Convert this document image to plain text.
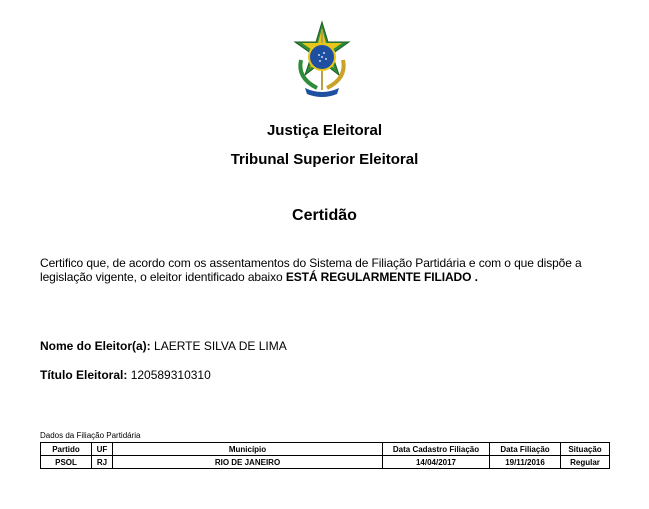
Justiça Eleitoral
Tribunal Superior Eleitoral
Certidão
Certifico que, de acordo com os assentamentos do Sistema de Filiação Partidária e com o que dispõe a legislação vigente, o eleitor identificado abaixo ESTÁ REGULARMENTE FILIADO .
Nome do Eleitor(a): LAERTE SILVA DE LIMA
Título Eleitoral: 120589310310
Dados da Filiação Partidária
Partido	UF	Município	Data Cadastro Filiação	Data Filiação	Situação
PSOL	RJ	RIO DE JANEIRO	14/04/2017	19/11/2016	Regular
